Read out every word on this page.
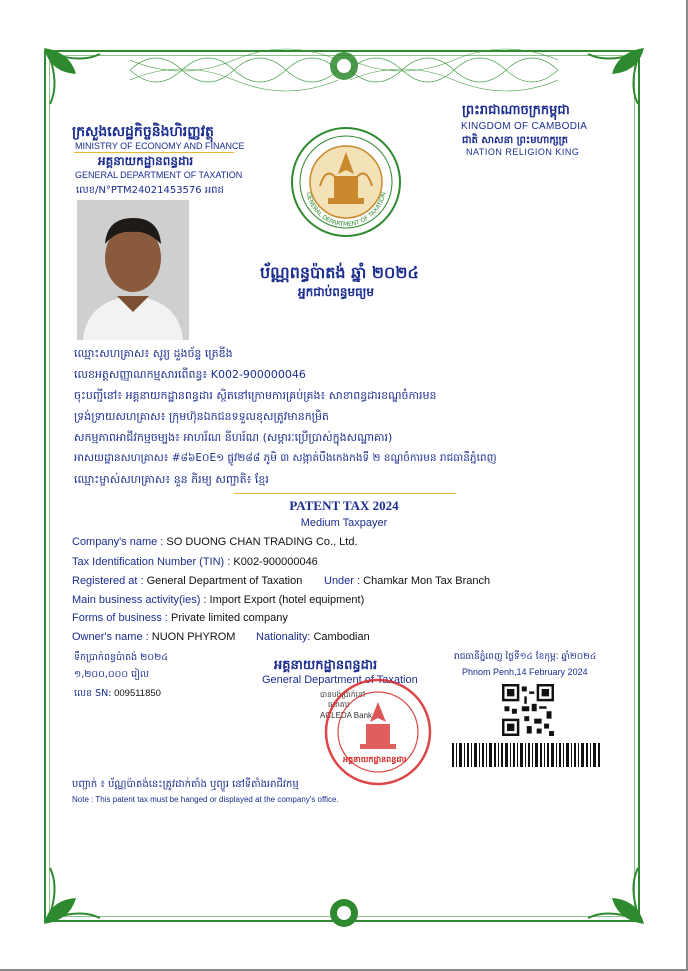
ក្រសួងសេដ្ឋកិច្ចនិងហិរញ្ញវត្ថុ
MINISTRY OF ECONOMY AND FINANCE
អគ្គនាយកដ្ឋានពន្ធដារ
GENERAL DEPARTMENT OF TAXATION
លេខ/N°PTM24021453576 អពដ
ព្រះរាជាណាចក្រកម្ពុជា
KINGDOM OF CAMBODIA
ជាតិ សាសនា ព្រះមហាក្សត្រ
NATION RELIGION KING
GENERAL DEPARTMENT OF TAXATION
ប័ណ្ណពន្ធប៉ាតង់ ឆ្នាំ ២០២៤
អ្នកជាប់ពន្ធមធ្យម
ឈ្មោះសហគ្រាស៖ សូរ្យ ដួងច័ន្ទ ត្រេឌីង
លេខអត្តសញ្ញាណកម្មសារពើពន្ធ៖ K002-900000046
ចុះបញ្ជីនៅ៖ អគ្គនាយកដ្ឋានពន្ធដារ ស្ថិតនៅក្រោមការគ្រប់គ្រង៖ សាខាពន្ធដារខណ្ឌចំការមន
ទ្រង់ទ្រាយសហគ្រាស៖ ក្រុមហ៊ុនឯកជនទទួលខុសត្រូវមានកម្រិត
សកម្មភាពអាជីវកម្មចម្បង៖ អាហរ័ណ នីហរ័ណ (សម្ភារៈប្រើប្រាស់ក្នុងសណ្ឋាគារ)
អាសយដ្ឋានសហគ្រាស៖ #៨៦E០E១ ផ្លូវ២៨៨ ភូមិ ៣ សង្កាត់បឹងកេងកងទី ២ ខណ្ឌចំការមន រាជធានីភ្នំពេញ
ឈ្មោះម្ចាស់សហគ្រាស៖ នួន ភិរម្យ សញ្ជាតិ៖ ខ្មែរ
PATENT TAX 2024
Medium Taxpayer
Company's name : SO DUONG CHAN TRADING Co., Ltd.
Tax Identification Number (TIN) : K002-900000046
Registered at : General Department of Taxation Under : Chamkar Mon Tax Branch
Main business activity(ies) : Import Export (hotel equipment)
Forms of business : Private limited company
Owner's name : NUON PHYROM Nationality: Cambodian
ទឹកប្រាក់ពន្ធប៉ាតង់ ២០២៤
១,២០០,០០០ រៀល
លេខ SN: 009511850
អគ្គនាយកដ្ឋានពន្ធដារ
General Department of Taxation
បានបង់ប្រាក់នៅ
ធនាគារ
ACLEDA Bank
អគ្គនាយកដ្ឋានពន្ធដារ
រាជធានីភ្នំពេញ ថ្ងៃទី១៤ ខែកុម្ភៈ ឆ្នាំ២០២៤
Phnom Penh,14 February 2024
បញ្ជាក់ ៖ ប័ណ្ណប៉ាតង់នេះត្រូវដាក់តាំង ឬព្យួរ នៅទីតាំងអាជីវកម្ម
Note : This patent tax must be hanged or displayed at the company's office.
